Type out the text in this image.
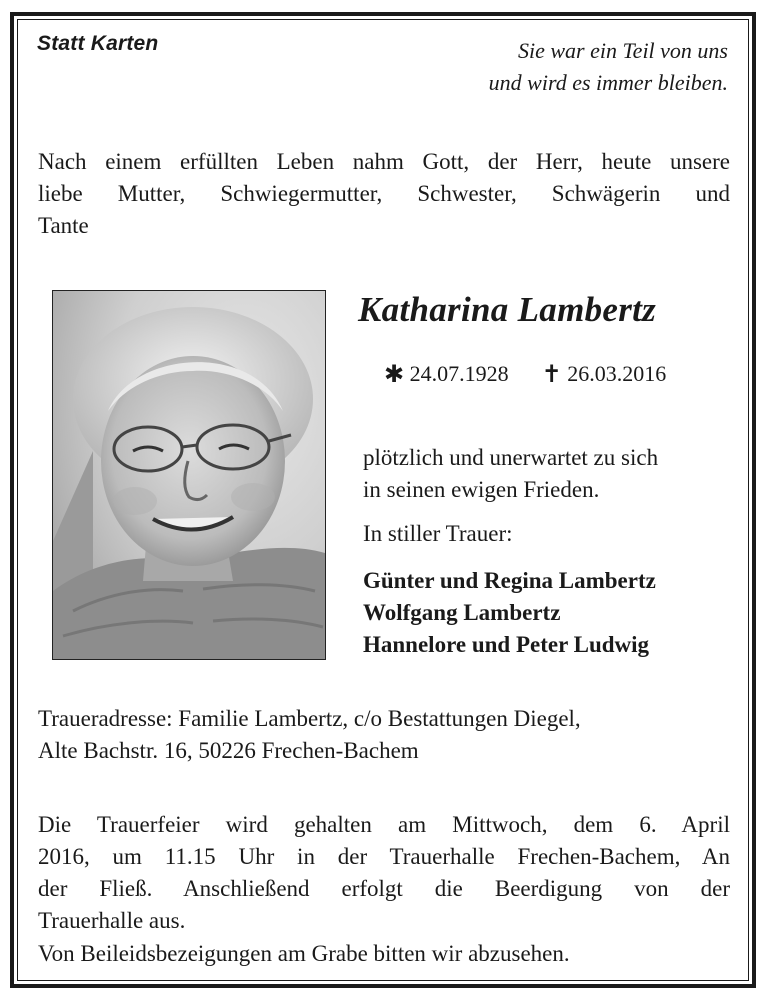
Statt Karten	Sie war ein Teil von uns
und wird es immer bleiben.
Nach einem erfüllten Leben nahm Gott, der Herr, heute unsere
liebe Mutter, Schwiegermutter, Schwester, Schwägerin und
Tante
Katharina Lambertz
✱ 24.07.1928 ✝ 26.03.2016
plötzlich und unerwartet zu sich
in seinen ewigen Frieden.
In stiller Trauer:
Günter und Regina Lambertz
Wolfgang Lambertz
Hannelore und Peter Ludwig
Traueradresse: Familie Lambertz, c/o Bestattungen Diegel,
Alte Bachstr. 16, 50226 Frechen-Bachem
Die Trauerfeier wird gehalten am Mittwoch, dem 6. April
2016, um 11.15 Uhr in der Trauerhalle Frechen-Bachem, An
der Fließ. Anschließend erfolgt die Beerdigung von der
Trauerhalle aus.
Von Beileidsbezeigungen am Grabe bitten wir abzusehen.
